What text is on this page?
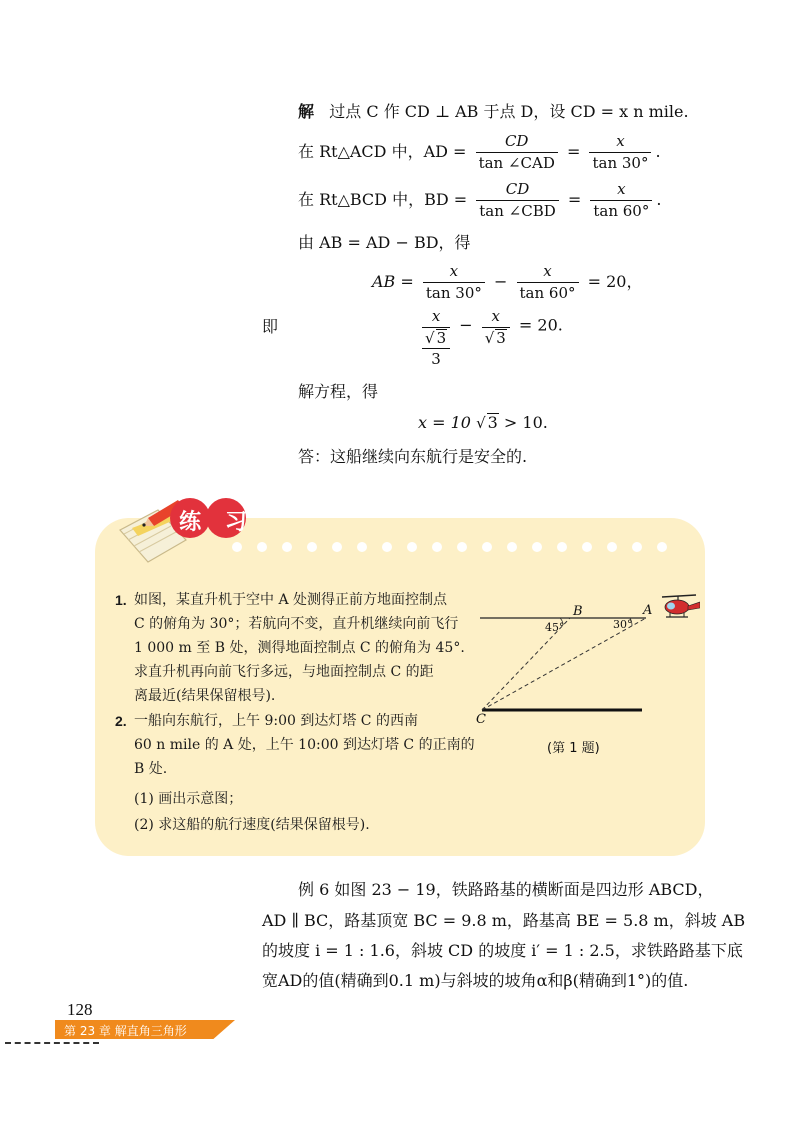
解 过点 C 作 CD ⊥ AB 于点 D，设 CD = x n mile.
在 Rt△ACD 中，AD = $\frac{CD}{\text{tan ∠CAD}} = \frac{x}{\tan 30^\circ}$ .
在 Rt△BCD 中，BD = $\frac{CD}{\text{tan ∠CBD}} = \frac{x}{\tan 60^\circ}$ .
由 AB = AD − BD，得
AB = $\frac{x}{\tan 30^\circ} - \frac{x}{\tan 60^\circ} = 20$，
即
x
√ 3
3
− $\frac{x}{√ 3} = 20$.
解方程，得
x = 10 √ 3 > 10.
答：这船继续向东航行是安全的.
练 习
1. 如图，某直升机于空中 A 处测得正前方地面控制点
C 的俯角为 30°；若航向不变，直升机继续向前飞行
1 000 m 至 B 处，测得地面控制点 C 的俯角为 45°.
求直升机再向前飞行多远，与地面控制点 C 的距
离最近(结果保留根号).
2. 一船向东航行，上午 9:00 到达灯塔 C 的西南
60 n mile 的 A 处，上午 10:00 到达灯塔 C 的正南的
B 处.
(1) 画出示意图；
(2) 求这船的航行速度(结果保留根号).
A
B
C
45°	30°
(第 1 题)
例 6 如图 23 − 19，铁路路基的横断面是四边形 ABCD，
AD ∥ BC，路基顶宽 BC = 9.8 m，路基高 BE = 5.8 m，斜坡 AB
的坡度 i = 1 : 1.6，斜坡 CD 的坡度 i′ = 1 : 2.5，求铁路路基下底
宽AD的值(精确到0.1 m)与斜坡的坡角α和β(精确到1°)的值.
128
第 23 章 解直角三角形
